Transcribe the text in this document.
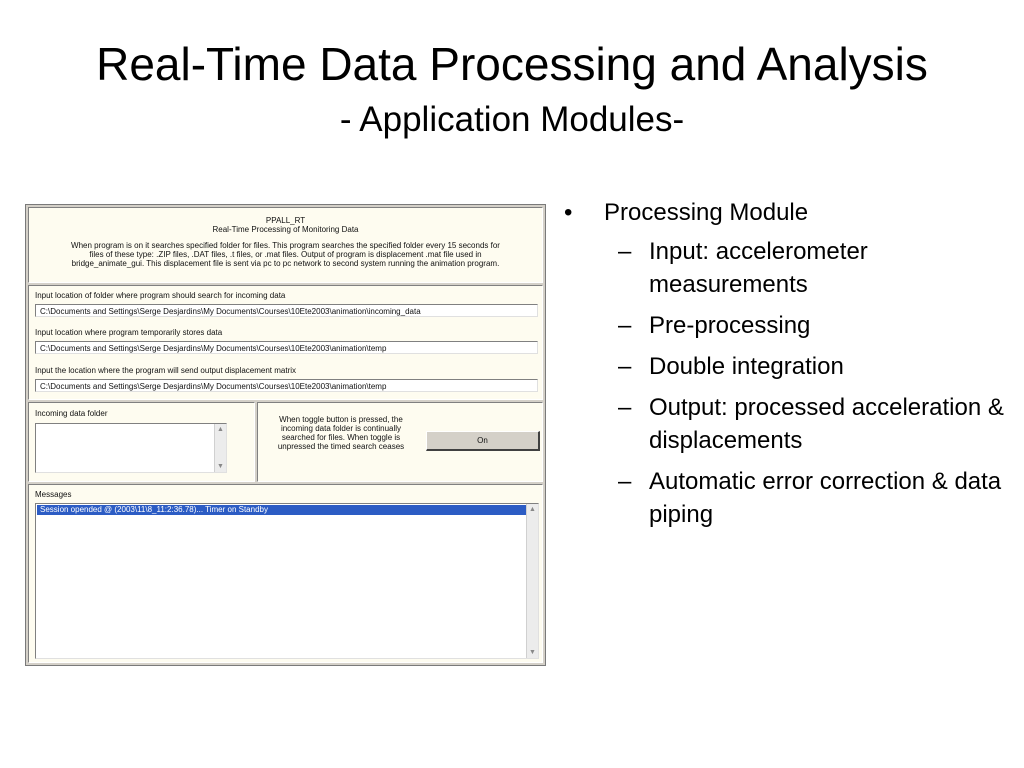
Real-Time Data Processing and Analysis
- Application Modules-
PPALL_RT
Real-Time Processing of Monitoring Data
When program is on it searches specified folder for files. This program searches the specified folder every 15 seconds for files of these type: .ZIP files, .DAT files, .t files, or .mat files. Output of program is displacement .mat file used in bridge_animate_gui. This displacement file is sent via pc to pc network to second system running the animation program.
Input location of folder where program should search for incoming data
C:\Documents and Settings\Serge Desjardins\My Documents\Courses\10Ete2003\animation\incoming_data
Input location where program temporarily stores data
C:\Documents and Settings\Serge Desjardins\My Documents\Courses\10Ete2003\animation\temp
Input the location where the program will send output displacement matrix
C:\Documents and Settings\Serge Desjardins\My Documents\Courses\10Ete2003\animation\temp
Incoming data folder
▲
▼
When toggle button is pressed, the incoming data folder is continually searched for files. When toggle is unpressed the timed search ceases
On
Messages
Session opended @ (2003\11\8_11:2:36.78)... Timer on Standby	▲
▼
• Processing Module
– Input: accelerometer measurements
– Pre-processing
– Double integration
– Output: processed acceleration & displacements
– Automatic error correction & data piping
